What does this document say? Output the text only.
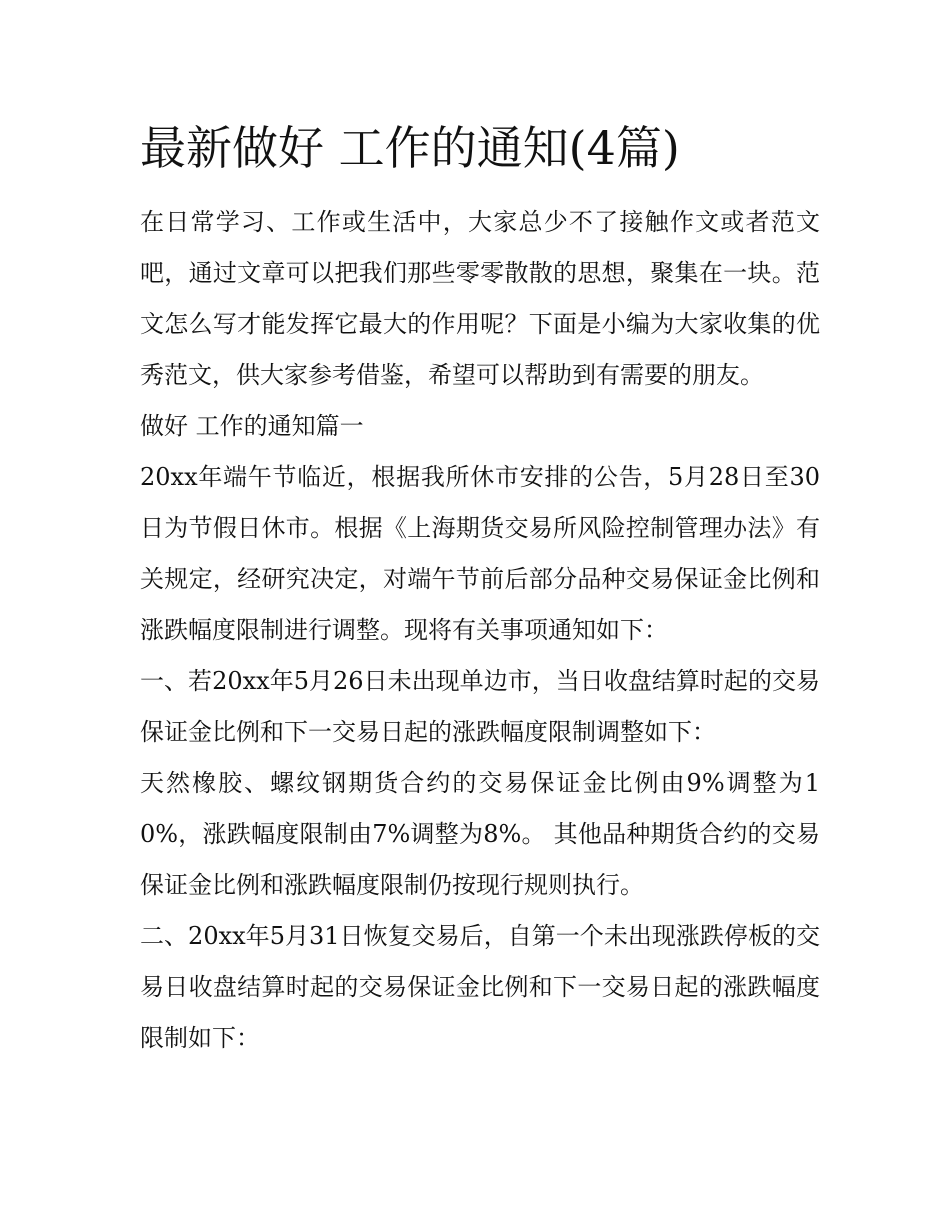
最新做好 工作的通知(4篇)

在日常学习、工作或生活中，大家总少不了接触作文或者范文吧，通过文章可以把我们那些零零散散的思想，聚集在一块。范文怎么写才能发挥它最大的作用呢？下面是小编为大家收集的优秀范文，供大家参考借鉴，希望可以帮助到有需要的朋友。

做好 工作的通知篇一

20xx年端午节临近，根据我所休市安排的公告，5月28日至30日为节假日休市。根据《上海期货交易所风险控制管理办法》有关规定，经研究决定，对端午节前后部分品种交易保证金比例和涨跌幅度限制进行调整。现将有关事项通知如下：

一、若20xx年5月26日未出现单边市，当日收盘结算时起的交易保证金比例和下一交易日起的涨跌幅度限制调整如下：

天然橡胶、螺纹钢期货合约的交易保证金比例由9%调整为10%，涨跌幅度限制由7%调整为8%。 其他品种期货合约的交易保证金比例和涨跌幅度限制仍按现行规则执行。

二、20xx年5月31日恢复交易后，自第一个未出现涨跌停板的交易日收盘结算时起的交易保证金比例和下一交易日起的涨跌幅度限制如下：
